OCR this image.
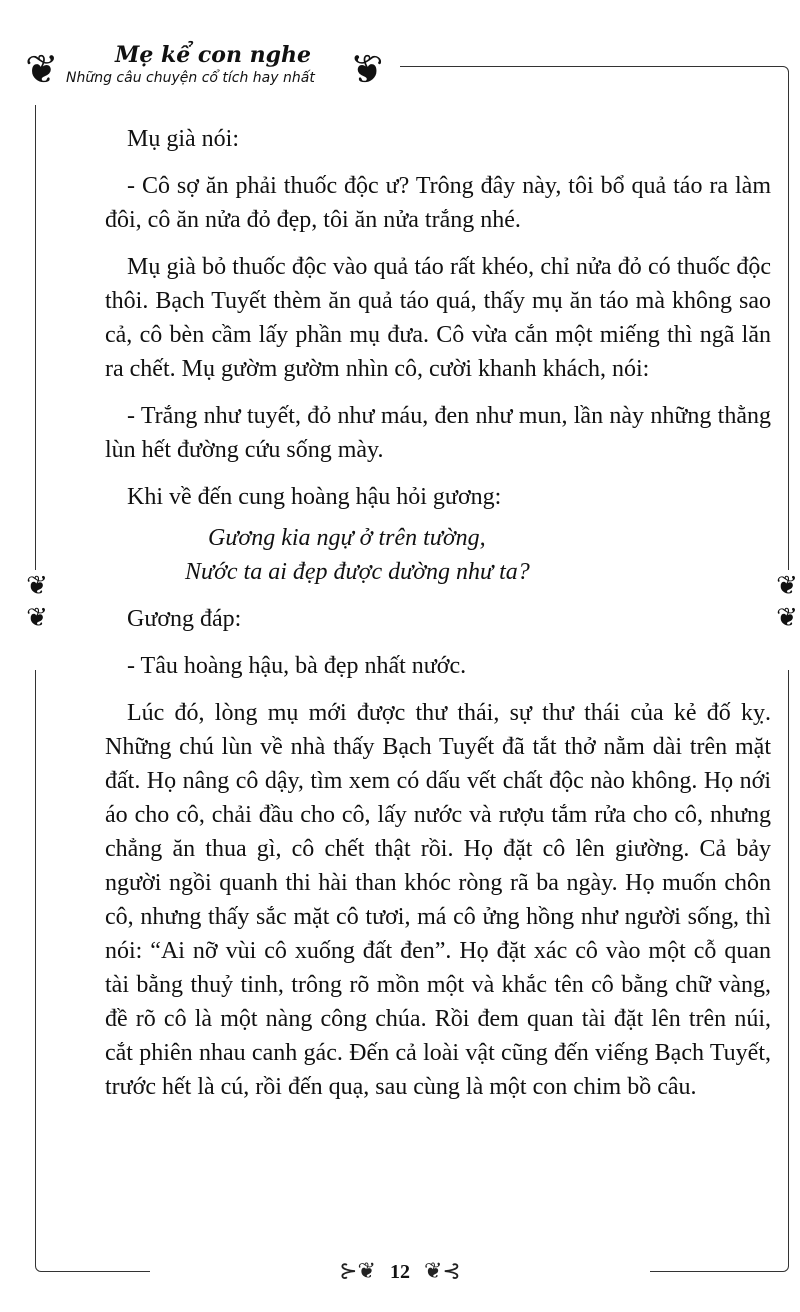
❦	❦
Mẹ kể con nghe
Những câu chuyện cổ tích hay nhất
❦
❦
❦
❦

Mụ già nói:

- Cô sợ ăn phải thuốc độc ư? Trông đây này, tôi bổ quả táo ra làm đôi, cô ăn nửa đỏ đẹp, tôi ăn nửa trắng nhé.

Mụ già bỏ thuốc độc vào quả táo rất khéo, chỉ nửa đỏ có thuốc độc thôi. Bạch Tuyết thèm ăn quả táo quá, thấy mụ ăn táo mà không sao cả, cô bèn cầm lấy phần mụ đưa. Cô vừa cắn một miếng thì ngã lăn ra chết. Mụ gườm gườm nhìn cô, cười khanh khách, nói:

- Trắng như tuyết, đỏ như máu, đen như mun, lần này những thằng lùn hết đường cứu sống mày.

Khi về đến cung hoàng hậu hỏi gương:

Gương kia ngự ở trên tường,
Nước ta ai đẹp được dường như ta?

Gương đáp:

- Tâu hoàng hậu, bà đẹp nhất nước.

Lúc đó, lòng mụ mới được thư thái, sự thư thái của kẻ đố kỵ. Những chú lùn về nhà thấy Bạch Tuyết đã tắt thở nằm dài trên mặt đất. Họ nâng cô dậy, tìm xem có dấu vết chất độc nào không. Họ nới áo cho cô, chải đầu cho cô, lấy nước và rượu tắm rửa cho cô, nhưng chẳng ăn thua gì, cô chết thật rồi. Họ đặt cô lên giường. Cả bảy người ngồi quanh thi hài than khóc ròng rã ba ngày. Họ muốn chôn cô, nhưng thấy sắc mặt cô tươi, má cô ửng hồng như người sống, thì nói: “Ai nỡ vùi cô xuống đất đen”. Họ đặt xác cô vào một cỗ quan tài bằng thuỷ tinh, trông rõ mồn một và khắc tên cô bằng chữ vàng, đề rõ cô là một nàng công chúa. Rồi đem quan tài đặt lên trên núi, cắt phiên nhau canh gác. Đến cả loài vật cũng đến viếng Bạch Tuyết, trước hết là cú, rồi đến quạ, sau cùng là một con chim bồ câu.

⊱❦ 12 ❦⊰
